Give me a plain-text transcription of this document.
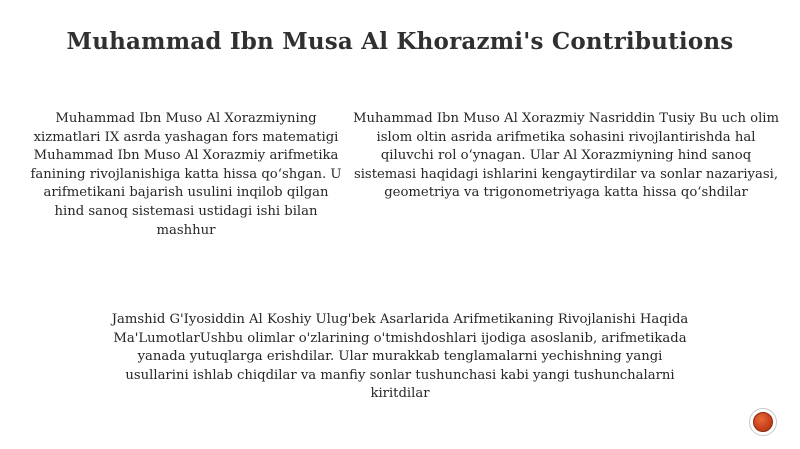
Muhammad Ibn Musa Al Khorazmi's Contributions
Muhammad Ibn Muso Al Xorazmiyning xizmatlari IX asrda yashagan fors matematigi Muhammad Ibn Muso Al Xorazmiy arifmetika fanining rivojlanishiga katta hissa qo‘shgan. U arifmetikani bajarish usulini inqilob qilgan hind sanoq sistemasi ustidagi ishi bilan mashhur
Muhammad Ibn Muso Al Xorazmiy Nasriddin Tusiy Bu uch olim islom oltin asrida arifmetika sohasini rivojlantirishda hal qiluvchi rol o‘ynagan. Ular Al Xorazmiyning hind sanoq sistemasi haqidagi ishlarini kengaytirdilar va sonlar nazariyasi, geometriya va trigonometriyaga katta hissa qo‘shdilar
Jamshid G'Iyosiddin Al Koshiy Ulug'bek Asarlarida Arifmetikaning Rivojlanishi Haqida Ma'LumotlarUshbu olimlar o'zlarining o'tmishdoshlari ijodiga asoslanib, arifmetikada yanada yutuqlarga erishdilar. Ular murakkab tenglamalarni yechishning yangi usullarini ishlab chiqdilar va manfiy sonlar tushunchasi kabi yangi tushunchalarni kiritdilar
